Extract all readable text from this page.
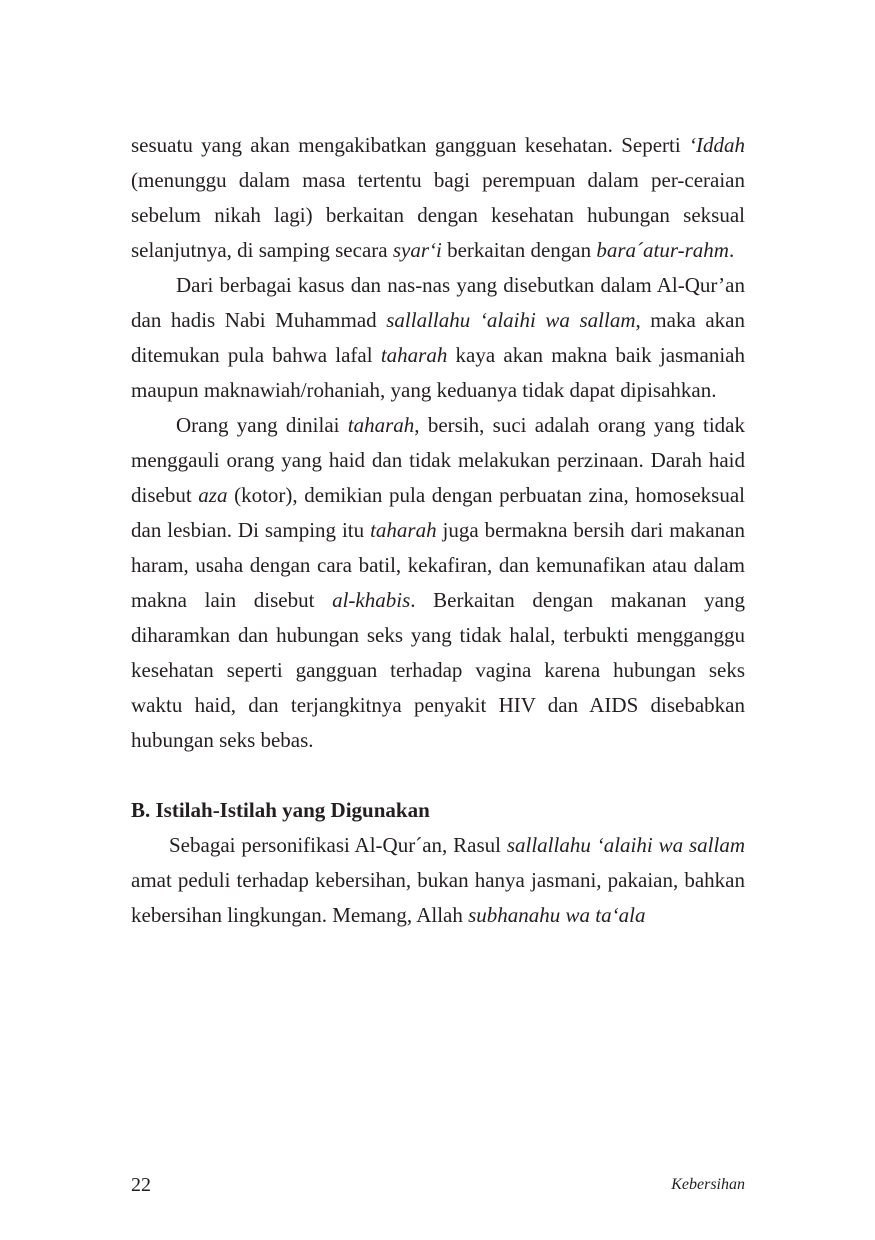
sesuatu yang akan mengakibatkan gangguan kesehatan. Seperti ‘Iddah (menunggu dalam masa tertentu bagi perempuan dalam per-ceraian sebelum nikah lagi) berkaitan dengan kesehatan hubungan seksual selanjutnya, di samping secara syar‘i berkaitan dengan bara´atur-rahm.

Dari berbagai kasus dan nas-nas yang disebutkan dalam Al-Qur’an dan hadis Nabi Muhammad sallallahu ‘alaihi wa sallam, maka akan ditemukan pula bahwa lafal taharah kaya akan makna baik jasmaniah maupun maknawiah/rohaniah, yang keduanya tidak dapat dipisahkan.

Orang yang dinilai taharah, bersih, suci adalah orang yang tidak menggauli orang yang haid dan tidak melakukan perzinaan. Darah haid disebut aza (kotor), demikian pula dengan perbuatan zina, homoseksual dan lesbian. Di samping itu taharah juga bermakna bersih dari makanan haram, usaha dengan cara batil, kekafiran, dan kemunafikan atau dalam makna lain disebut al-khabis. Berkaitan dengan makanan yang diharamkan dan hubungan seks yang tidak halal, terbukti mengganggu kesehatan seperti gangguan terhadap vagina karena hubungan seks waktu haid, dan terjangkitnya penyakit HIV dan AIDS disebabkan hubungan seks bebas.

B. Istilah-Istilah yang Digunakan

Sebagai personifikasi Al-Qur´an, Rasul sallallahu ‘alaihi wa sallam amat peduli terhadap kebersihan, bukan hanya jasmani, pakaian, bahkan kebersihan lingkungan. Memang, Allah subhanahu wa ta‘ala

22	Kebersihan
